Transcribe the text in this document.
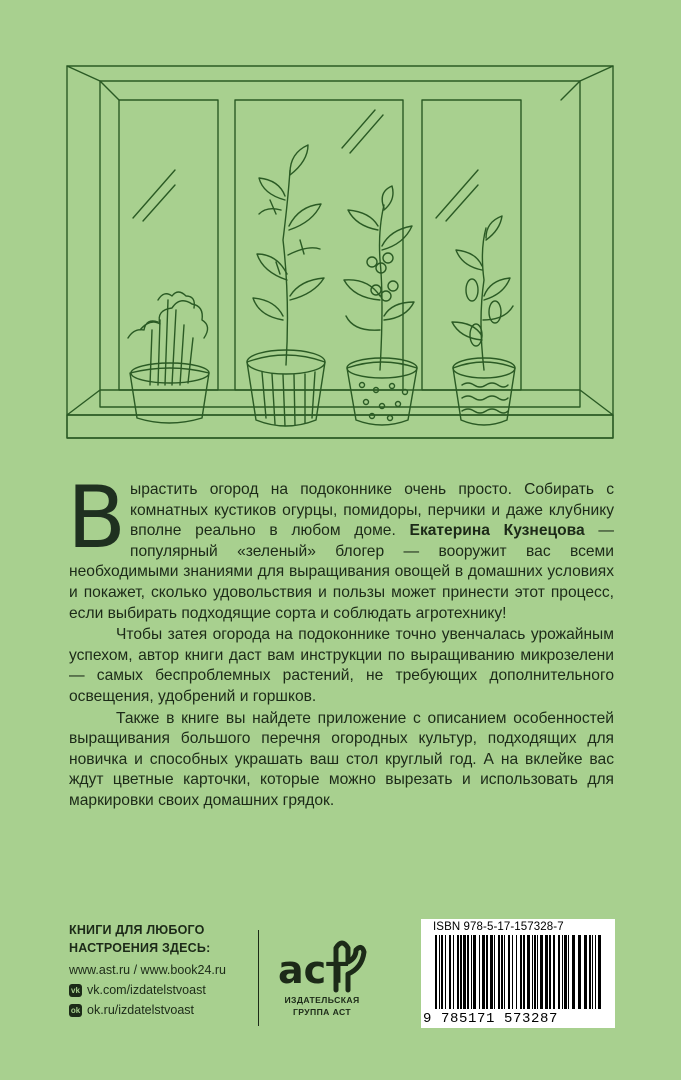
Вырастить огород на подоконнике очень просто. Собирать с комнатных кустиков огурцы, помидоры, перчики и даже клубнику вполне реально в любом доме. Екатерина Кузнецова — популярный «зеленый» блогер — вооружит вас всеми необходимыми знаниями для выращивания овощей в домашних условиях и покажет, сколько удовольствия и пользы может принести этот процесс, если выбирать подходящие сорта и соблюдать агротехнику!

Чтобы затея огорода на подоконнике точно увенчалась урожайным успехом, автор книги даст вам инструкции по выращиванию микрозелени — самых беспроблемных растений, не требующих дополнительного освещения, удобрений и горшков.

Также в книге вы найдете приложение с описанием особенностей выращивания большого перечня огородных культур, подходящих для новичка и способных украшать ваш стол круглый год. А на вклейке вас ждут цветные карточки, которые можно вырезать и использовать для маркировки своих домашних грядок.

КНИГИ ДЛЯ ЛЮБОГО
НАСТРОЕНИЯ ЗДЕСЬ:
www.ast.ru / www.book24.ru
vk vk.com/izdatelstvoast
ok ok.ru/izdatelstvoast
аст
ИЗДАТЕЛЬСКАЯ
ГРУППА АСТ
ISBN 978-5-17-157328-7
9 785171 573287
